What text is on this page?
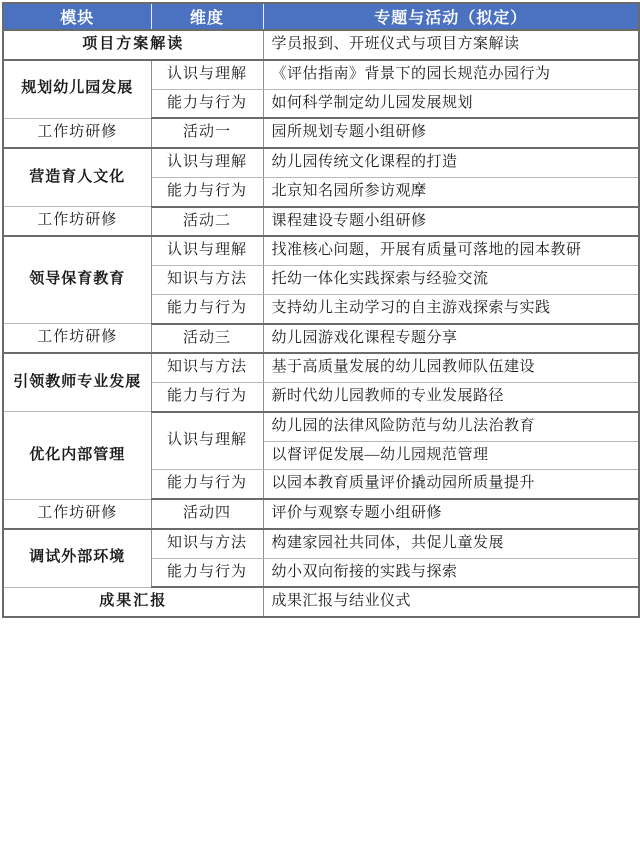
模块	维度	专题与活动（拟定）
项目方案解读		学员报到、开班仪式与项目方案解读
规划幼儿园发展	认识与理解	《评估指南》背景下的园长规范办园行为
	能力与行为	如何科学制定幼儿园发展规划
工作坊研修	活动一	园所规划专题小组研修
营造育人文化	认识与理解	幼儿园传统文化课程的打造
	能力与行为	北京知名园所参访观摩
工作坊研修	活动二	课程建设专题小组研修
领导保育教育	认识与理解	找准核心问题，开展有质量可落地的园本教研
	知识与方法	托幼一体化实践探索与经验交流
	能力与行为	支持幼儿主动学习的自主游戏探索与实践
工作坊研修	活动三	幼儿园游戏化课程专题分享
引领教师专业发展	知识与方法	基于高质量发展的幼儿园教师队伍建设
	能力与行为	新时代幼儿园教师的专业发展路径
优化内部管理	认识与理解	幼儿园的法律风险防范与幼儿法治教育
		以督评促发展—幼儿园规范管理
	能力与行为	以园本教育质量评价撬动园所质量提升
工作坊研修	活动四	评价与观察专题小组研修
调试外部环境	知识与方法	构建家园社共同体，共促儿童发展
	能力与行为	幼小双向衔接的实践与探索
成果汇报		成果汇报与结业仪式
